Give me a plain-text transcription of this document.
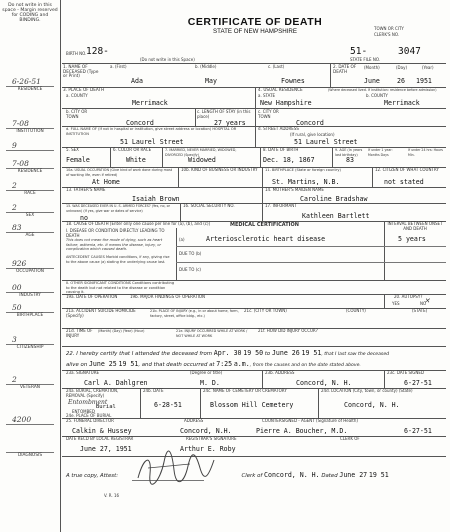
Do not write in this space - Margin reserved for CODING and BINDING.
6-26-51
RESIDENCE
7-08
INSTITUTION
9
7-08
RESIDENCE
2
RACE
2
SEX
83
AGE
926
OCCUPATION
00
INDUSTRY
50
BIRTHPLACE
3
CITIZENSHIP
2
VETERAN
4200
DIAGNOSIS
CERTIFICATE OF DEATH
STATE OF NEW HAMPSHIRE	TOWN OR CITY
CLERK'S NO.
BIRTH NO. 128-
(Do not write in this Space)	STATE FILE NO.
51-	3047
1. NAME OF DECEASED (Type or Print)
a. (First)	b. (Middle)	c. (Last)
Ada	May	Fownes
2. DATE OF DEATH
(Month)	(Day)	(Year)
June	26 1951
3. PLACE OF DEATH
a. COUNTY
Merrimack
4. USUAL RESIDENCE	(Where deceased lived. If institution: residence before admission)
a. STATE
New Hampshire
b. COUNTY
Merrimack
b. CITY OR TOWN
Concord
c. LENGTH OF STAY (in this place)
27 years
c. CITY OR TOWN
Concord
d. FULL NAME OF (If not in hospital or institution, give street address or location) HOSPITAL OR INSTITUTION
51 Laurel Street
d. STREET ADDRESS
(If rural, give location)
51 Laurel Street
5. SEX
Female
6. COLOR OR RACE
White
7. MARRIED, NEVER MARRIED, WIDOWED, DIVORCED (Specify)
Widowed
8. DATE OF BIRTH
Dec. 18, 1867
9. AGE (In years last birthday)
83
If under 1 year: Months Days
If under 24 hrs: Hours Min.
10a. USUAL OCCUPATION (Give kind of work done during most of working life, even if retired)
At Home
10b. KIND OF BUSINESS OR INDUSTRY	11. BIRTHPLACE (State or foreign country)
St. Martins, N.B.
12. CITIZEN OF WHAT COUNTRY
not stated
13. FATHER'S NAME
Isaiah Brown
14. MOTHER'S MAIDEN NAME
Caroline Bradshaw
15. WAS DECEASED EVER IN U. S. ARMED FORCES? (Yes, no, or unknown) (If yes, give war or dates of service)
no
16. SOCIAL SECURITY NO.	17. INFORMANT
Kathleen Bartlett
MEDICAL CERTIFICATION	INTERVAL BETWEEN ONSET AND DEATH
18. CAUSE OF DEATH [Enter only one cause per line for (a), (b), and (c)]
I. DISEASE OR CONDITION DIRECTLY LEADING TO DEATH
This does not mean the mode of dying, such as heart failure, asthenia, etc. It means the disease, injury, or complication which caused death.
(a)	Arteriosclerotic heart disease	5 years
ANTECEDENT CAUSES Morbid conditions, if any, giving rise to the above cause (a) stating the underlying cause last.
DUE TO (b)
DUE TO (c)
II. OTHER SIGNIFICANT CONDITIONS Conditions contributing to the death but not related to the disease or condition causing it.
19a. DATE OF OPERATION	19b. MAJOR FINDINGS OF OPERATION	20. AUTOPSY?
YES	NO
✕
21a. ACCIDENT SUICIDE HOMICIDE (Specify)
21b. PLACE OF INJURY (e.g., in or about home, farm, factory, street, office bldg., etc.)
21c. (CITY OR TOWN)	(COUNTY)	(STATE)
21d. TIME OF INJURY
(Month) (Day) (Year) (Hour)	21e. INJURY OCCURRED WHILE AT WORK / NOT WHILE AT WORK
21f. HOW DID INJURY OCCUR?
22. I hereby certify that I attended the deceased from Apr. 30 19 50 to June 26 19 51, that I last saw the deceased
alive on June 25 19 51, and that death occurred at 7:25 a.m., from the causes and on the date stated above.
23a. SIGNATURE
Carl A. Dahlgren
(Degree or title)
M. D.
23b. ADDRESS
Concord, N. H.
23c. DATE SIGNED
6-27-51
24a. BURIAL, CREMATION, REMOVAL (Specify)
ENTOMBED
Entombment
Burial
24b. DATE
6-28-51
24c. NAME OF CEMETERY OR CREMATORY
Blossom Hill Cemetery
24d. LOCATION (City, town, or county) (State)
Concord, N. H.
24e. PLACE OF BURIAL
25. FUNERAL DIRECTOR
Calkin & Hussey
ADDRESS
Concord, N.H.
COUNTERSIGNED - AGENT (Signature of Health)
Pierre A. Boucher, M.D.	6-27-51
DATE RECD BY LOCAL REGISTRAR
June 27, 1951
REGISTRAR'S SIGNATURE
Arthur E. Roby
CLERK OF
A true copy, Attest:	Clerk of Concord, N. H. Dated June 27 19 51
V. R. 16
